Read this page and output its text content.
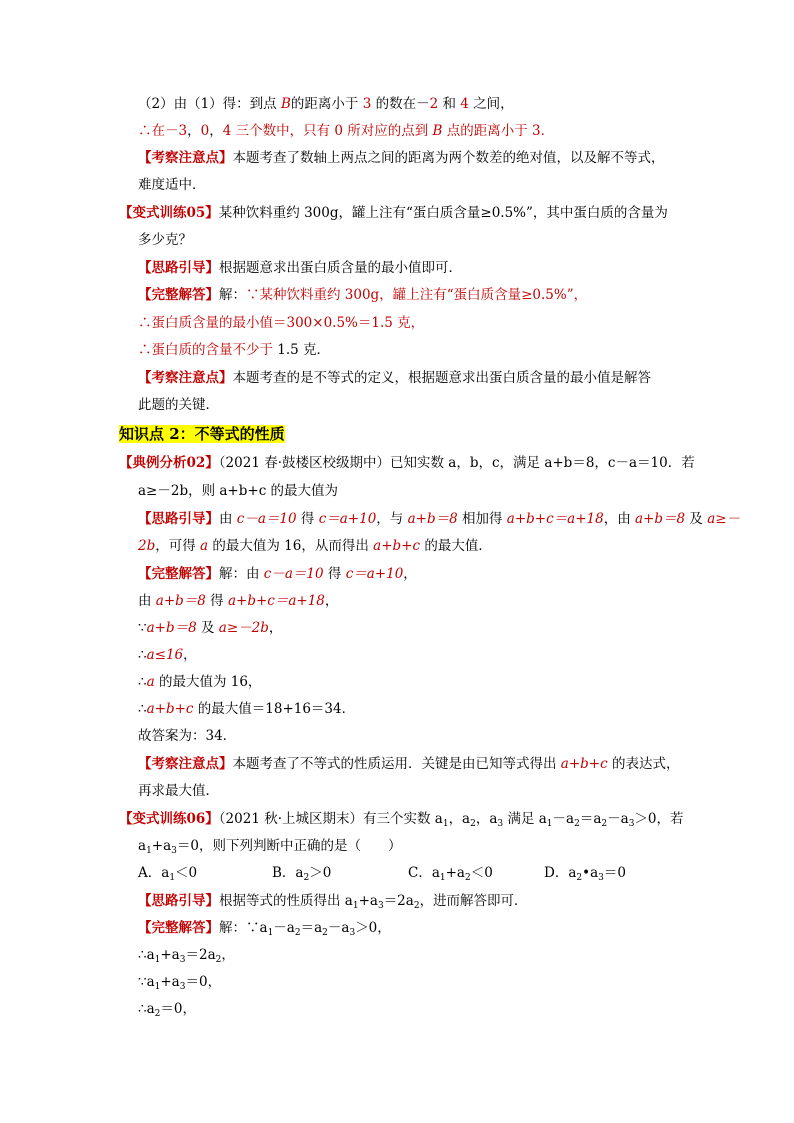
（2）由（1）得：到点 B的距离小于 3 的数在－2 和 4 之间，
∴在－3，0，4 三个数中，只有 0 所对应的点到 B 点的距离小于 3．
【考察注意点】本题考查了数轴上两点之间的距离为两个数差的绝对值，以及解不等式，
难度适中．
【变式训练05】某种饮料重约 300g，罐上注有“蛋白质含量≥0.5%”，其中蛋白质的含量为
多少克？
【思路引导】根据题意求出蛋白质含量的最小值即可．
【完整解答】解：∵某种饮料重约 300g，罐上注有“蛋白质含量≥0.5%”，
∴蛋白质含量的最小值＝300×0.5%＝1.5 克，
∴蛋白质的含量不少于 1.5 克．
【考察注意点】本题考查的是不等式的定义，根据题意求出蛋白质含量的最小值是解答
此题的关键．
知识点 2：不等式的性质
【典例分析02】（2021 春·鼓楼区校级期中）已知实数 a，b，c，满足 a+b＝8，c－a＝10．若
a≥－2b，则 a+b+c 的最大值为
【思路引导】由 c－a＝10 得 c＝a+10，与 a+b＝8 相加得 a+b+c＝a+18，由 a+b＝8 及 a≥－
2b，可得 a 的最大值为 16，从而得出 a+b+c 的最大值．
【完整解答】解：由 c－a＝10 得 c＝a+10，
由 a+b＝8 得 a+b+c＝a+18，
∵a+b＝8 及 a≥－2b，
∴a≤16，
∴a 的最大值为 16，
∴a+b+c 的最大值＝18+16＝34．
故答案为：34．
【考察注意点】本题考查了不等式的性质运用．关键是由已知等式得出 a+b+c 的表达式，
再求最大值．
【变式训练06】（2021 秋·上城区期末）有三个实数 $a_1$，$a_2$，$a_3$ 满足 $a_1-a_2=a_2-a_3>0$，若
$a_1+a_3=0$，则下列判断中正确的是（　　）
A．$a_1<0$	B．$a_2>0$	C．$a_1+a_2<0$	D．$a_2•a_3=0$
【思路引导】根据等式的性质得出 $a_1+a_3=2a_2$，进而解答即可．
【完整解答】解：$\because a_1-a_2=a_2-a_3>0$，
$\therefore a_1+a_3=2a_2$，
$\because a_1+a_3=0$，
$\therefore a_2=0$，
